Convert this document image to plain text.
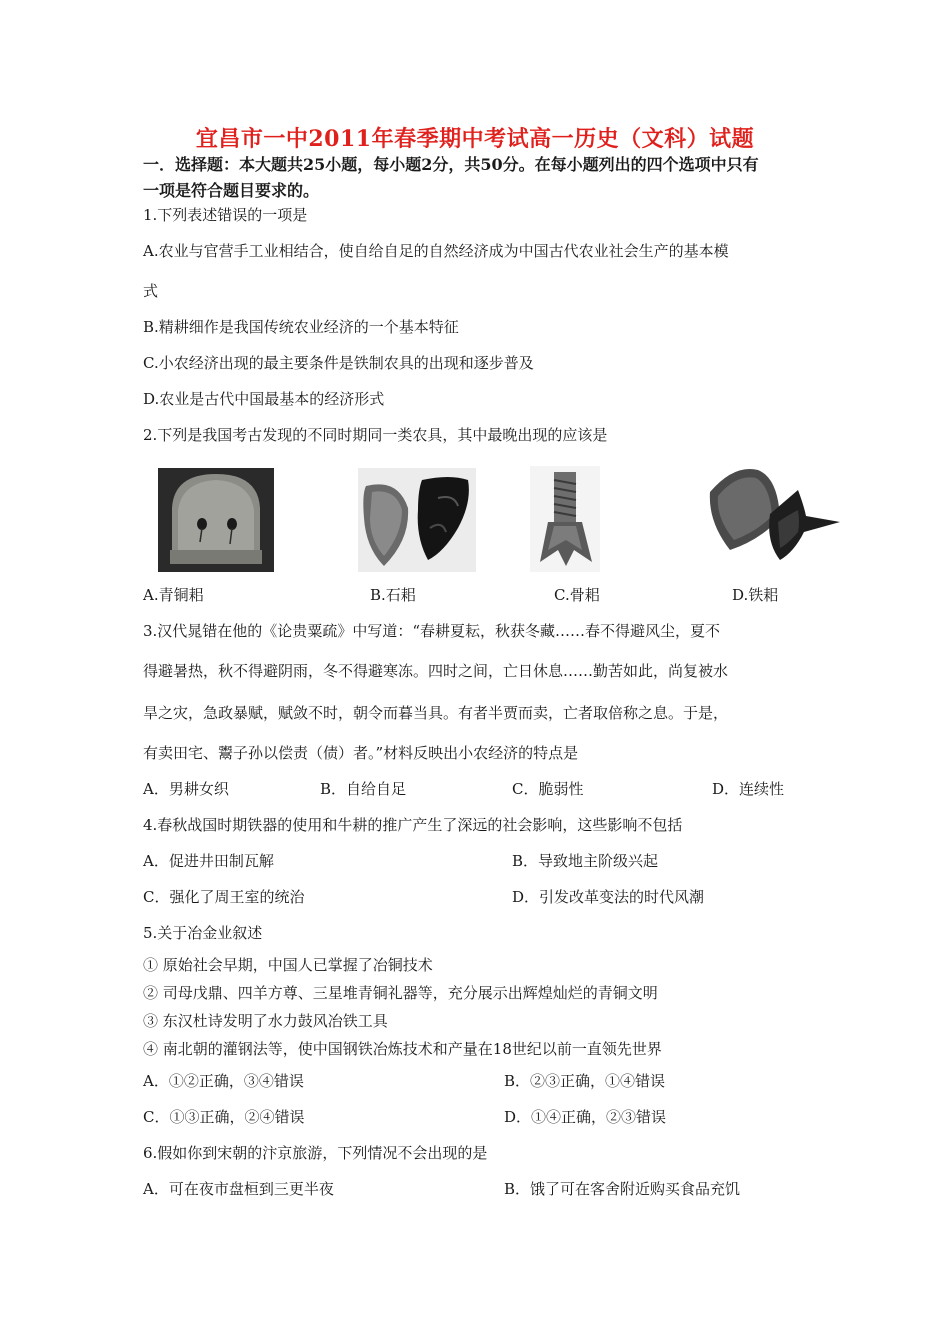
宜昌市一中2011年春季期中考试高一历史（文科）试题
一．选择题：本大题共25小题，每小题2分，共50分。在每小题列出的四个选项中只有
一项是符合题目要求的。
1.下列表述错误的一项是
A.农业与官营手工业相结合，使自给自足的自然经济成为中国古代农业社会生产的基本模
式
B.精耕细作是我国传统农业经济的一个基本特征
C.小农经济出现的最主要条件是铁制农具的出现和逐步普及
D.农业是古代中国最基本的经济形式
2.下列是我国考古发现的不同时期同一类农具，其中最晚出现的应该是
A.青铜耜	B.石耜	C.骨耜	D.铁耜
3.汉代晁错在他的《论贵粟疏》中写道：“春耕夏耘，秋获冬藏……春不得避风尘，夏不
得避暑热，秋不得避阴雨，冬不得避寒冻。四时之间，亡日休息……勤苦如此，尚复被水
旱之灾，急政暴赋，赋敛不时，朝令而暮当具。有者半贾而卖，亡者取倍称之息。于是，
有卖田宅、鬻子孙以偿责（债）者。”材料反映出小农经济的特点是
A．男耕女织	B．自给自足	C．脆弱性	D．连续性
4.春秋战国时期铁器的使用和牛耕的推广产生了深远的社会影响，这些影响不包括
A．促进井田制瓦解	B．导致地主阶级兴起
C．强化了周王室的统治	D．引发改革变法的时代风潮
5.关于冶金业叙述
① 原始社会早期，中国人已掌握了冶铜技术
② 司母戊鼎、四羊方尊、三星堆青铜礼器等，充分展示出辉煌灿烂的青铜文明
③ 东汉杜诗发明了水力鼓风冶铁工具
④ 南北朝的灌钢法等，使中国钢铁冶炼技术和产量在18世纪以前一直领先世界
A．①②正确，③④错误	B．②③正确，①④错误
C．①③正确，②④错误	D．①④正确，②③错误
6.假如你到宋朝的汴京旅游，下列情况不会出现的是
A．可在夜市盘桓到三更半夜	B．饿了可在客舍附近购买食品充饥
